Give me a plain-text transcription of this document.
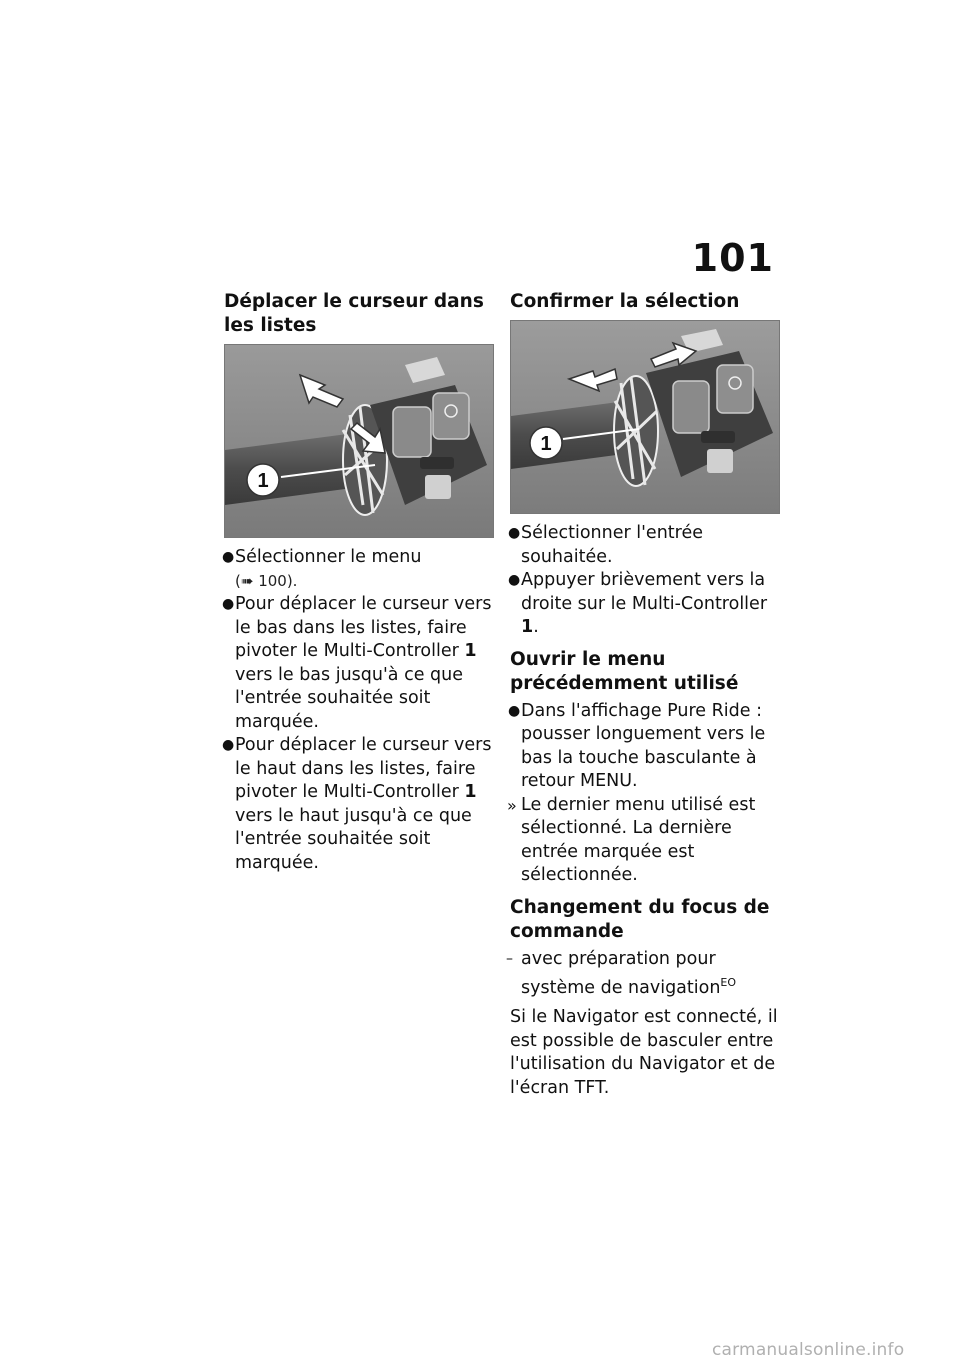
101
Déplacer le curseur dans les listes
1
● Sélectionner le menu
(➠ 100).
● Pour déplacer le curseur vers le bas dans les listes, faire pivoter le Multi-Controller 1 vers le bas jusqu'à ce que l'entrée souhaitée soit marquée.
● Pour déplacer le curseur vers le haut dans les listes, faire pivoter le Multi-Controller 1 vers le haut jusqu'à ce que l'entrée souhaitée soit marquée.
Confirmer la sélection
1
● Sélectionner l'entrée souhaitée.
● Appuyer brièvement vers la droite sur le Multi-Controller 1.
Ouvrir le menu précédemment utilisé
● Dans l'affichage Pure Ride : pousser longuement vers le bas la touche basculante à retour MENU.
» Le dernier menu utilisé est sélectionné. La dernière entrée marquée est sélectionnée.
Changement du focus de commande
– avec préparation pour système de navigation$^{EO}$

Si le Navigator est connecté, il est possible de basculer entre l'utilisation du Navigator et de l'écran TFT.

carmanualsonline.info
